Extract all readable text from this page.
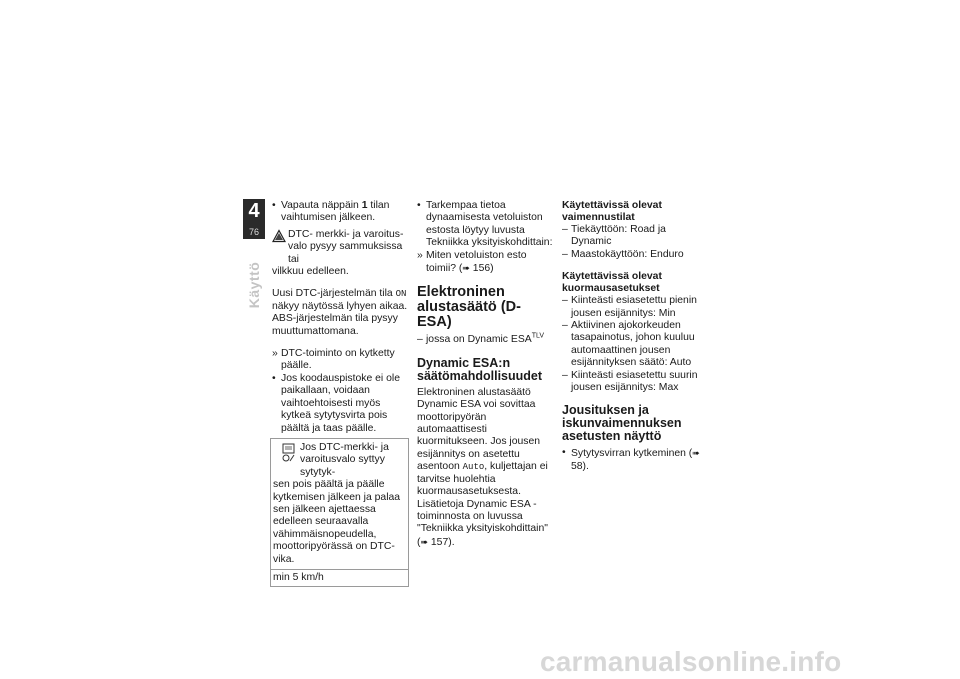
4
76
Käyttö

• Vapauta näppäin 1 tilan vaihtumisen jälkeen.

DTC- merkki- ja varoitus-
valo pysyy sammuksissa tai

vilkkuu edelleen.

Uusi DTC-järjestelmän tila ON näkyy näytössä lyhyen aikaa. ABS-järjestelmän tila pysyy muuttumattomana.

» DTC-toiminto on kytketty päälle.

• Jos koodauspistoke ei ole paikallaan, voidaan vaihtoehtoisesti myös kytkeä sytytysvirta pois päältä ja taas päälle.

Jos DTC-merkki- ja varoitusvalo syttyy sytytyk-

sen pois päältä ja päälle kytkemisen jälkeen ja palaa sen jälkeen ajettaessa edelleen seuraavalla vähimmäisnopeudella, moottoripyörässä on DTC-vika.

min 5 km/h

• Tarkempaa tietoa dynaamisesta vetoluiston estosta löytyy luvusta Tekniikka yksityiskohdittain:

» Miten vetoluiston esto toimii? (➠ 156)

Elektroninen alustasäätö (D-ESA)

– jossa on Dynamic $ESA^{TLV}$

Dynamic ESA:n säätömahdollisuudet

Elektroninen alustasäätö Dynamic ESA voi sovittaa moottoripyörän automaattisesti kuormitukseen. Jos jousen esijännitys on asetettu asentoon Auto, kuljettajan ei tarvitse huolehtia kuormausasetuksesta. Lisätietoja Dynamic ESA -toiminnosta on luvussa "Tekniikka yksityiskohdittain" (➠ 157).

Käytettävissä olevat vaimennustilat

– Tiekäyttöön: Road ja Dynamic

– Maastokäyttöön: Enduro

Käytettävissä olevat kuormausasetukset

– Kiinteästi esiasetettu pienin jousen esijännitys: Min

– Aktiivinen ajokorkeuden tasapainotus, johon kuuluu automaattinen jousen esijännityksen säätö: Auto

– Kiinteästi esiasetettu suurin jousen esijännitys: Max

Jousituksen ja iskunvaimennuksen asetusten näyttö

• Sytytysvirran kytkeminen (➠ 58).

carmanualsonline.info
